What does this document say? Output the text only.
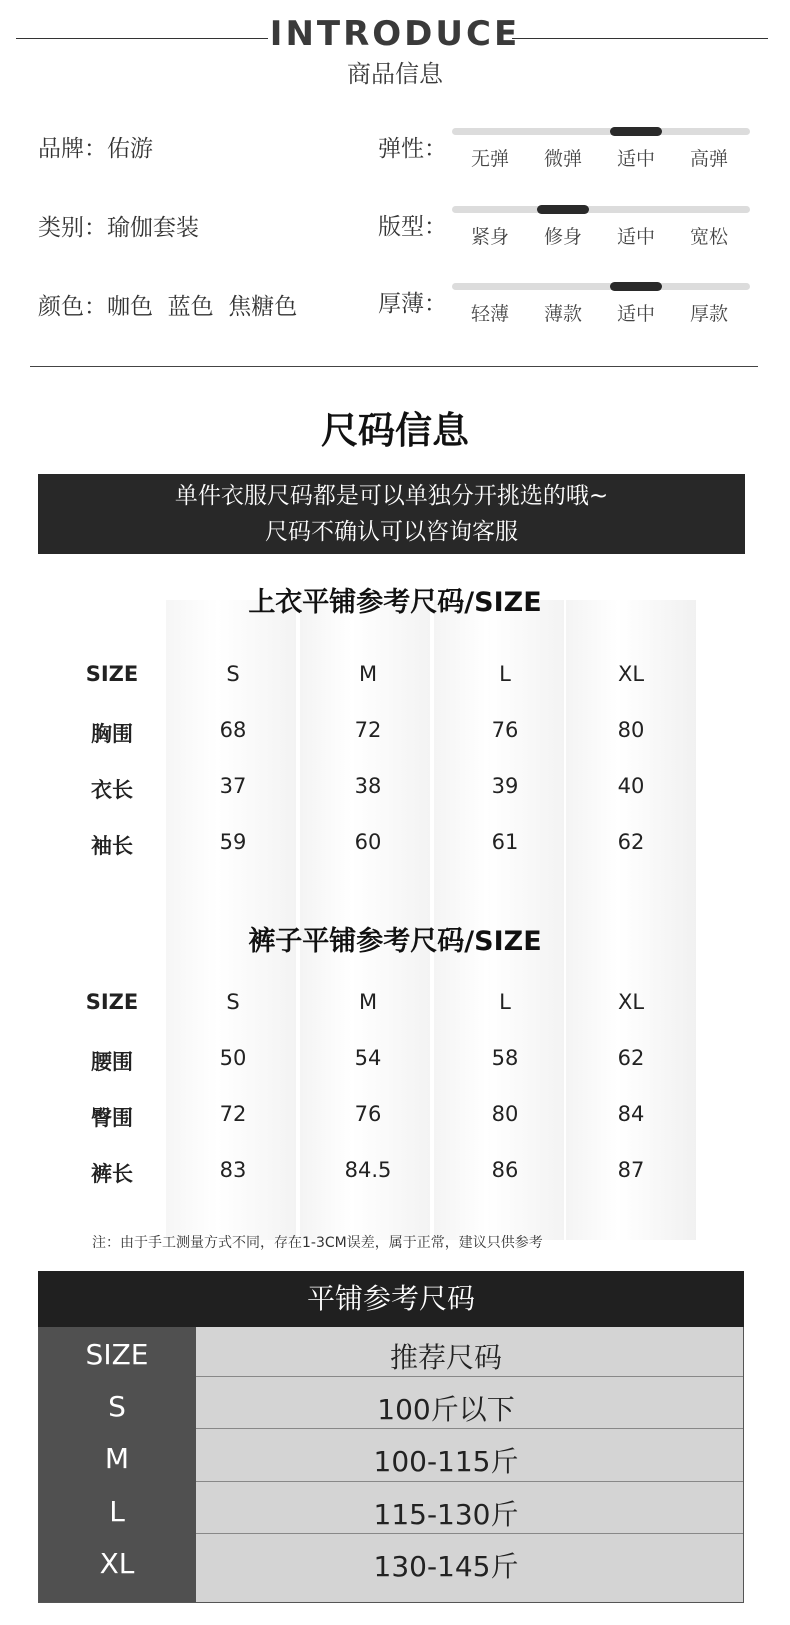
INTRODUCE
商品信息
品牌：佑游
类别：瑜伽套装
颜色：咖色  蓝色  焦糖色
弹性：	无弹	微弹	适中	高弹
版型：	紧身	修身	适中	宽松
厚薄：	轻薄	薄款	适中	厚款
尺码信息
单件衣服尺码都是可以单独分开挑选的哦~
尺码不确认可以咨询客服
上衣平铺参考尺码/SIZE
SIZE	S	M	L	XL
胸围	68	72	76	80
衣长	37	38	39	40
袖长	59	60	61	62
裤子平铺参考尺码/SIZE
SIZE	S	M	L	XL
腰围	50	54	58	62
臀围	72	76	80	84
裤长	83	84.5	86	87
注：由于手工测量方式不同，存在1-3CM误差，属于正常，建议只供参考
平铺参考尺码
SIZE	推荐尺码
S	100斤以下
M	100-115斤
L	115-130斤
XL	130-145斤
